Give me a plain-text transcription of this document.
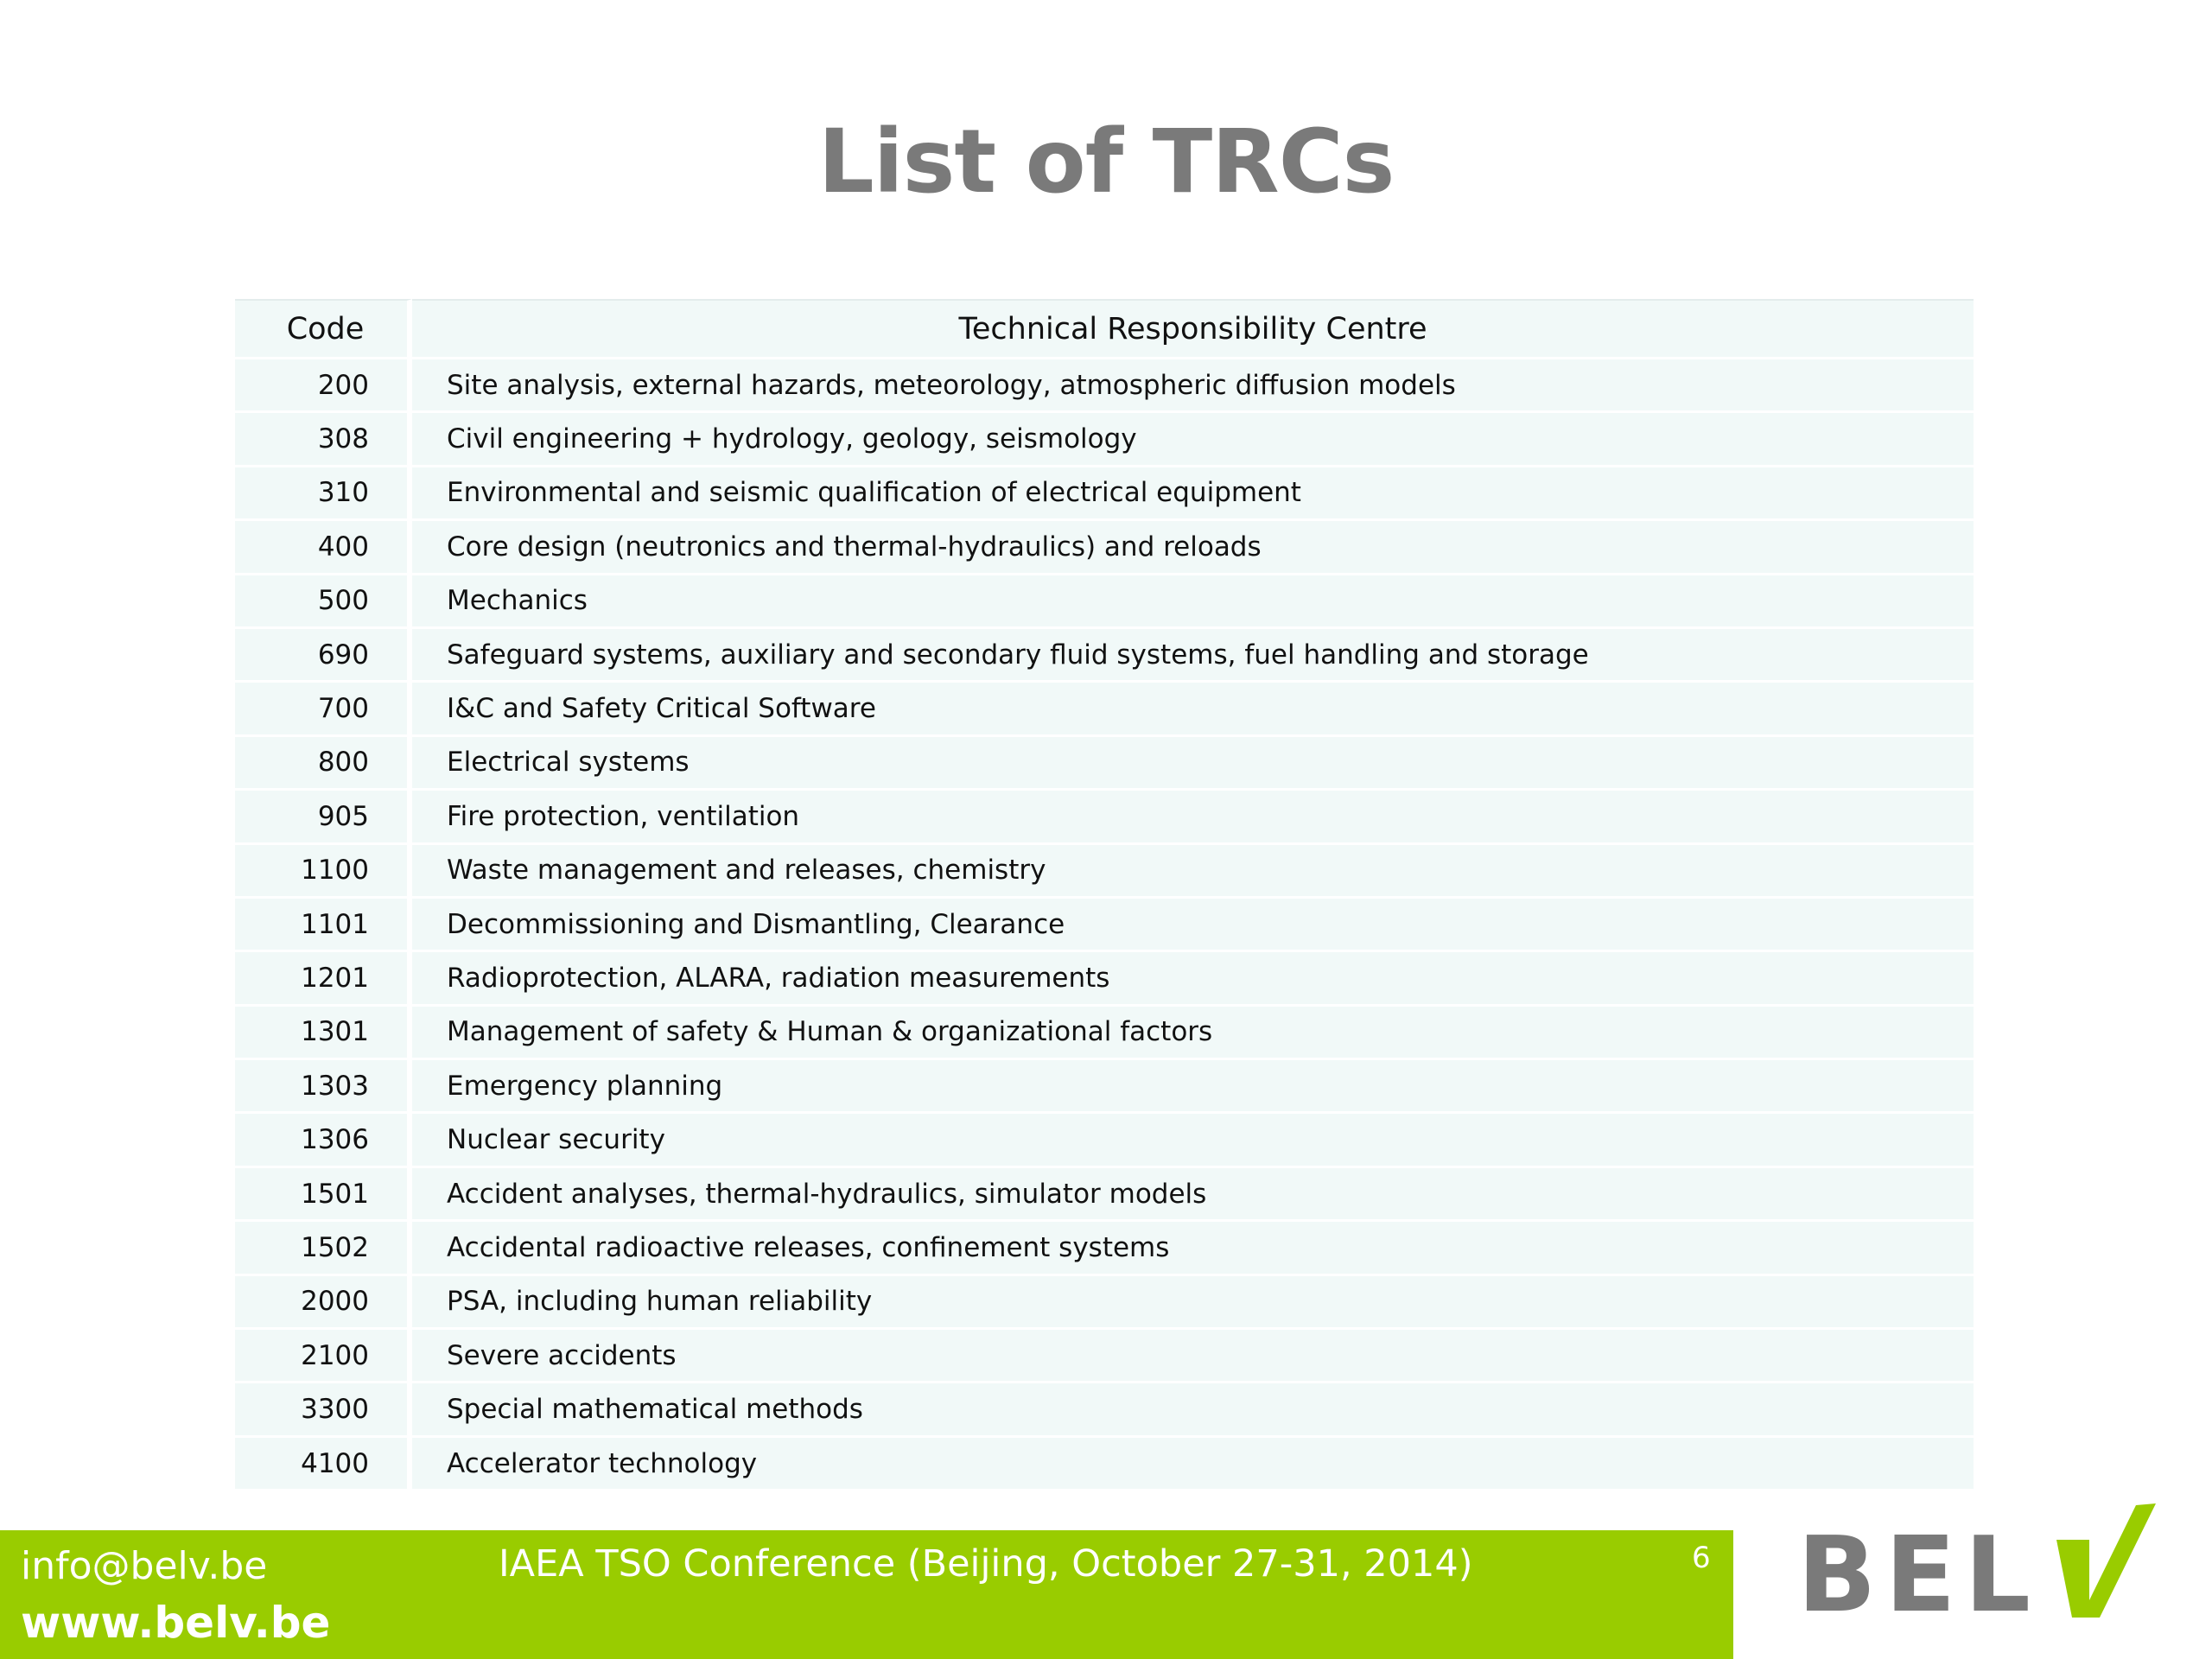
List of TRCs
Code	Technical Responsibility Centre
200	Site analysis, external hazards, meteorology, atmospheric diffusion models
308	Civil engineering + hydrology, geology, seismology
310	Environmental and seismic qualification of electrical equipment
400	Core design (neutronics and thermal-hydraulics) and reloads
500	Mechanics
690	Safeguard systems, auxiliary and secondary fluid systems, fuel handling and storage
700	I&C and Safety Critical Software
800	Electrical systems
905	Fire protection, ventilation
1100	Waste management and releases, chemistry
1101	Decommissioning and Dismantling, Clearance
1201	Radioprotection, ALARA, radiation measurements
1301	Management of safety & Human & organizational factors
1303	Emergency planning
1306	Nuclear security
1501	Accident analyses, thermal-hydraulics, simulator models
1502	Accidental radioactive releases, confinement systems
2000	PSA, including human reliability
2100	Severe accidents
3300	Special mathematical methods
4100	Accelerator technology
info@belv.be
www.belv.be
IAEA TSO Conference (Beijing, October 27-31, 2014)	6 BEL
